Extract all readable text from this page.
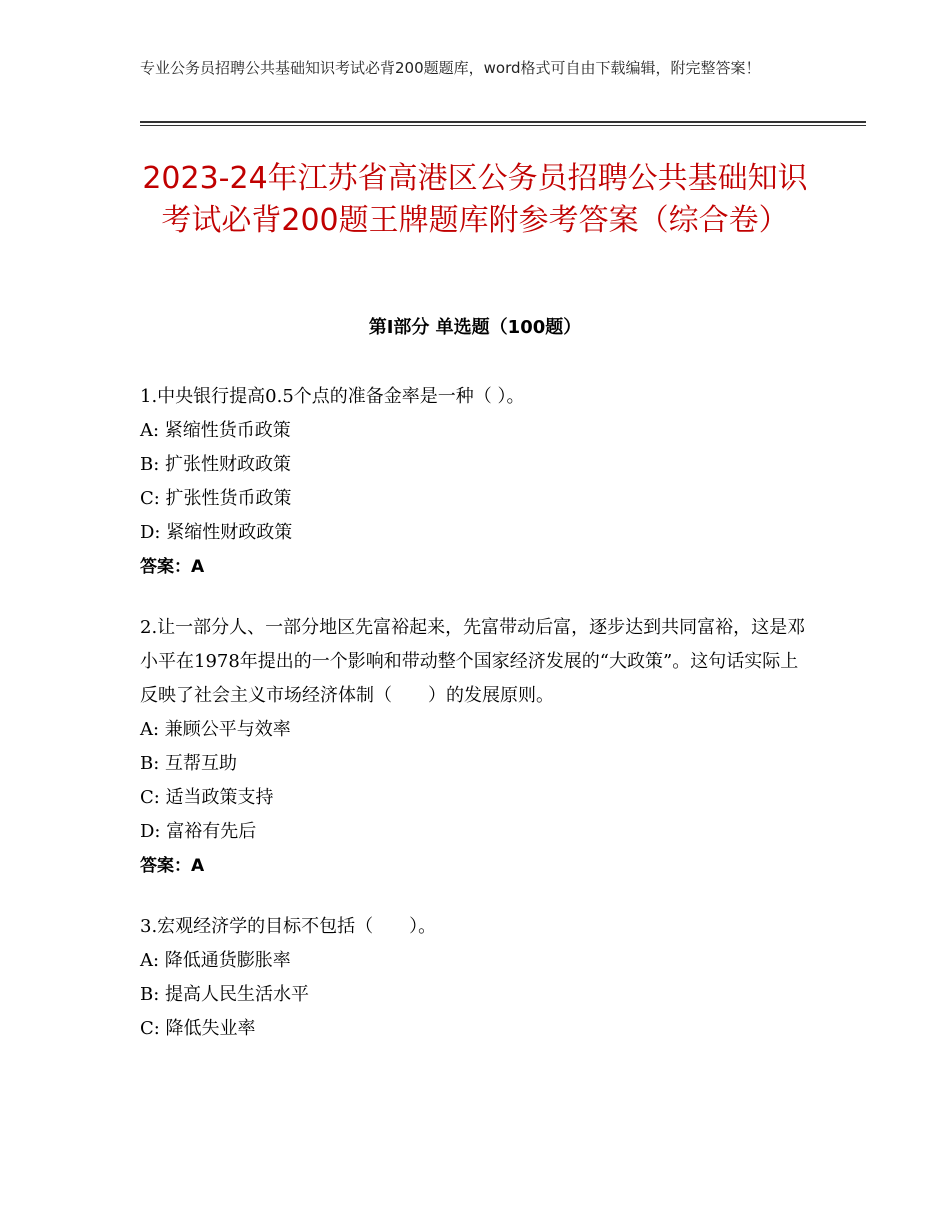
专业公务员招聘公共基础知识考试必背200题题库，word格式可自由下载编辑，附完整答案！
2023-24年江苏省高港区公务员招聘公共基础知识考试必背200题王牌题库附参考答案（综合卷）
第I部分 单选题（100题）

1.中央银行提高0.5个点的准备金率是一种（ ）。

A: 紧缩性货币政策

B: 扩张性财政政策

C: 扩张性货币政策

D: 紧缩性财政政策

答案：A

2.让一部分人、一部分地区先富裕起来，先富带动后富，逐步达到共同富裕，这是邓小平在1978年提出的一个影响和带动整个国家经济发展的“大政策”。这句话实际上反映了社会主义市场经济体制（　　）的发展原则。

A: 兼顾公平与效率

B: 互帮互助

C: 适当政策支持

D: 富裕有先后

答案：A

3.宏观经济学的目标不包括（　　）。

A: 降低通货膨胀率

B: 提高人民生活水平

C: 降低失业率
